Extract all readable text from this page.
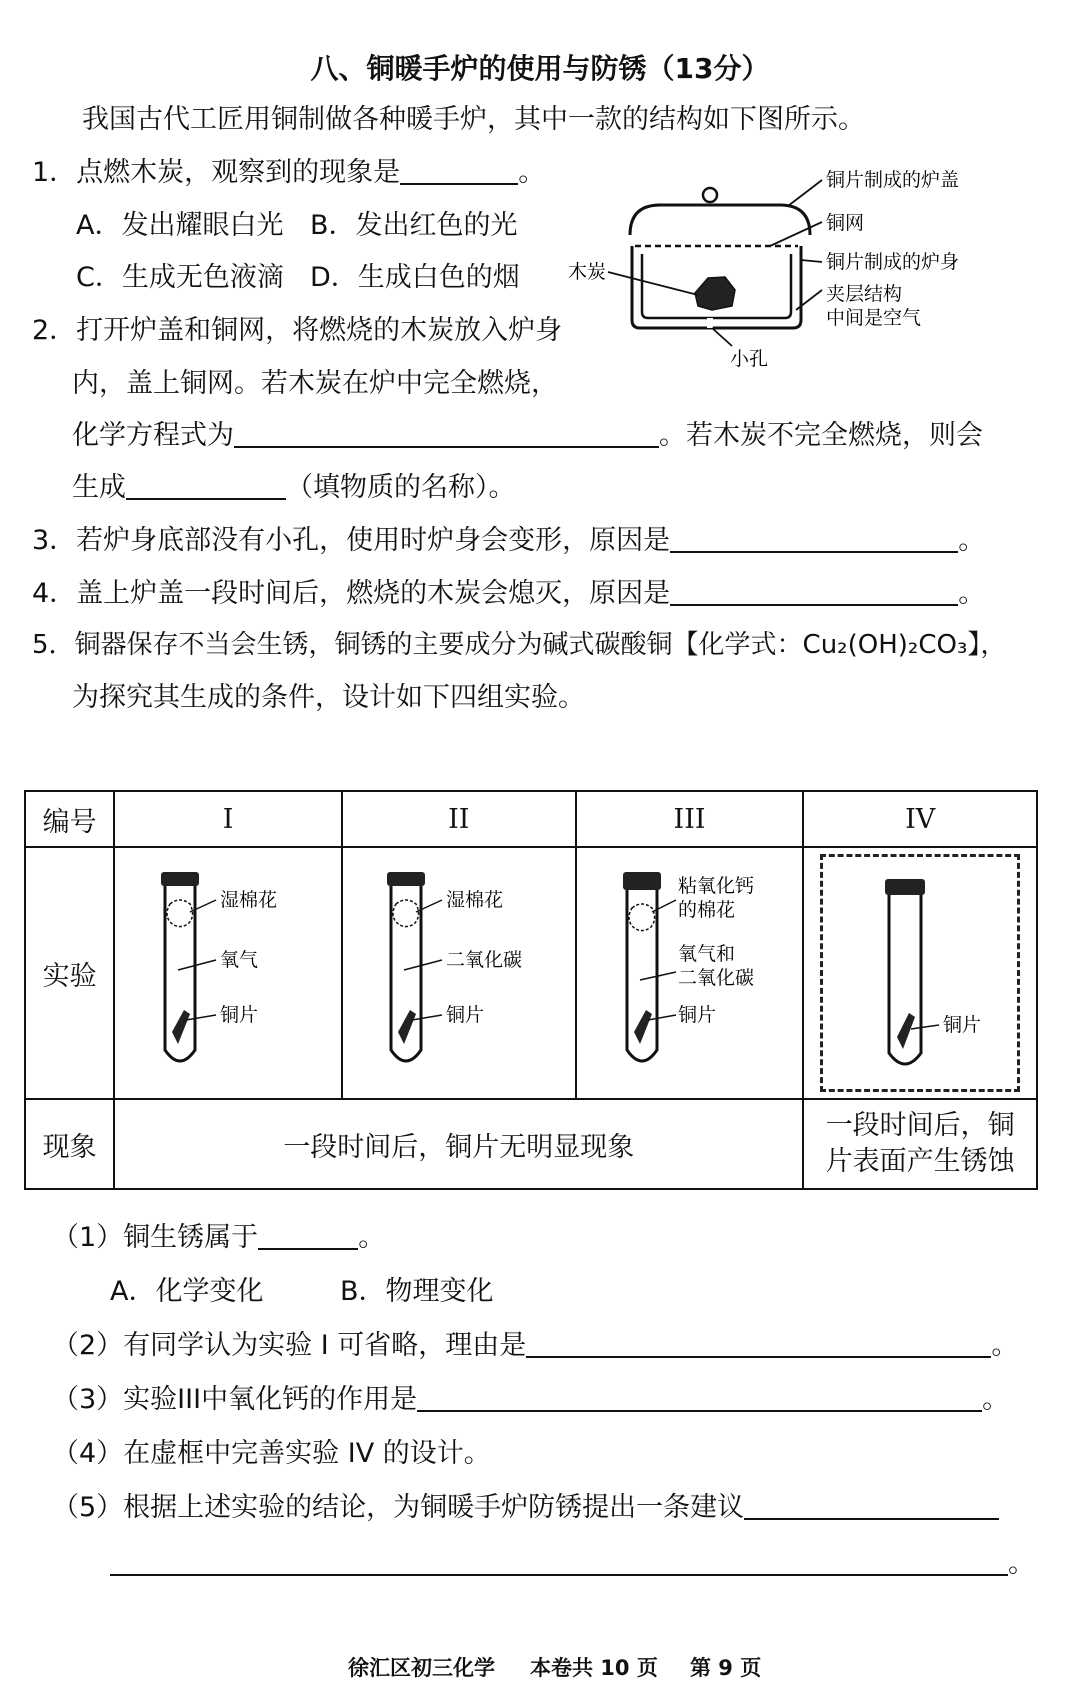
八、铜暖手炉的使用与防锈（13分）
我国古代工匠用铜制做各种暖手炉，其中一款的结构如下图所示。
1．点燃木炭，观察到的现象是	。
A．发出耀眼白光 B．发出红色的光
C．生成无色液滴 D．生成白色的烟
铜片制成的炉盖
铜网
铜片制成的炉身
夹层结构
中间是空气
木炭
小孔
2．打开炉盖和铜网，将燃烧的木炭放入炉身
内，盖上铜网。若木炭在炉中完全燃烧，
化学方程式为	。若木炭不完全燃烧，则会
生成	（填物质的名称）。
3．若炉身底部没有小孔，使用时炉身会变形，原因是	。
4．盖上炉盖一段时间后，燃烧的木炭会熄灭，原因是	。
5．铜器保存不当会生锈，铜锈的主要成分为碱式碳酸铜【化学式：Cu₂(OH)₂CO₃】，
为探究其生成的条件，设计如下四组实验。
编号	I	II	III	IV
实验	湿棉花
氧气
铜片	湿棉花
二氧化碳
铜片	粘氧化钙
的棉花
氧气和
二氧化碳
铜片	铜片

现象	一段时间后，铜片无明显现象			一段时间后，铜
片表面产生锈蚀
（1）铜生锈属于	。
A．化学变化	B．物理变化
（2）有同学认为实验 I 可省略，理由是	。
（3）实验III中氧化钙的作用是	。
（4）在虚框中完善实验 IV 的设计。
（5）根据上述实验的结论，为铜暖手炉防锈提出一条建议
。
徐汇区初三化学 本卷共 10 页 第 9 页
